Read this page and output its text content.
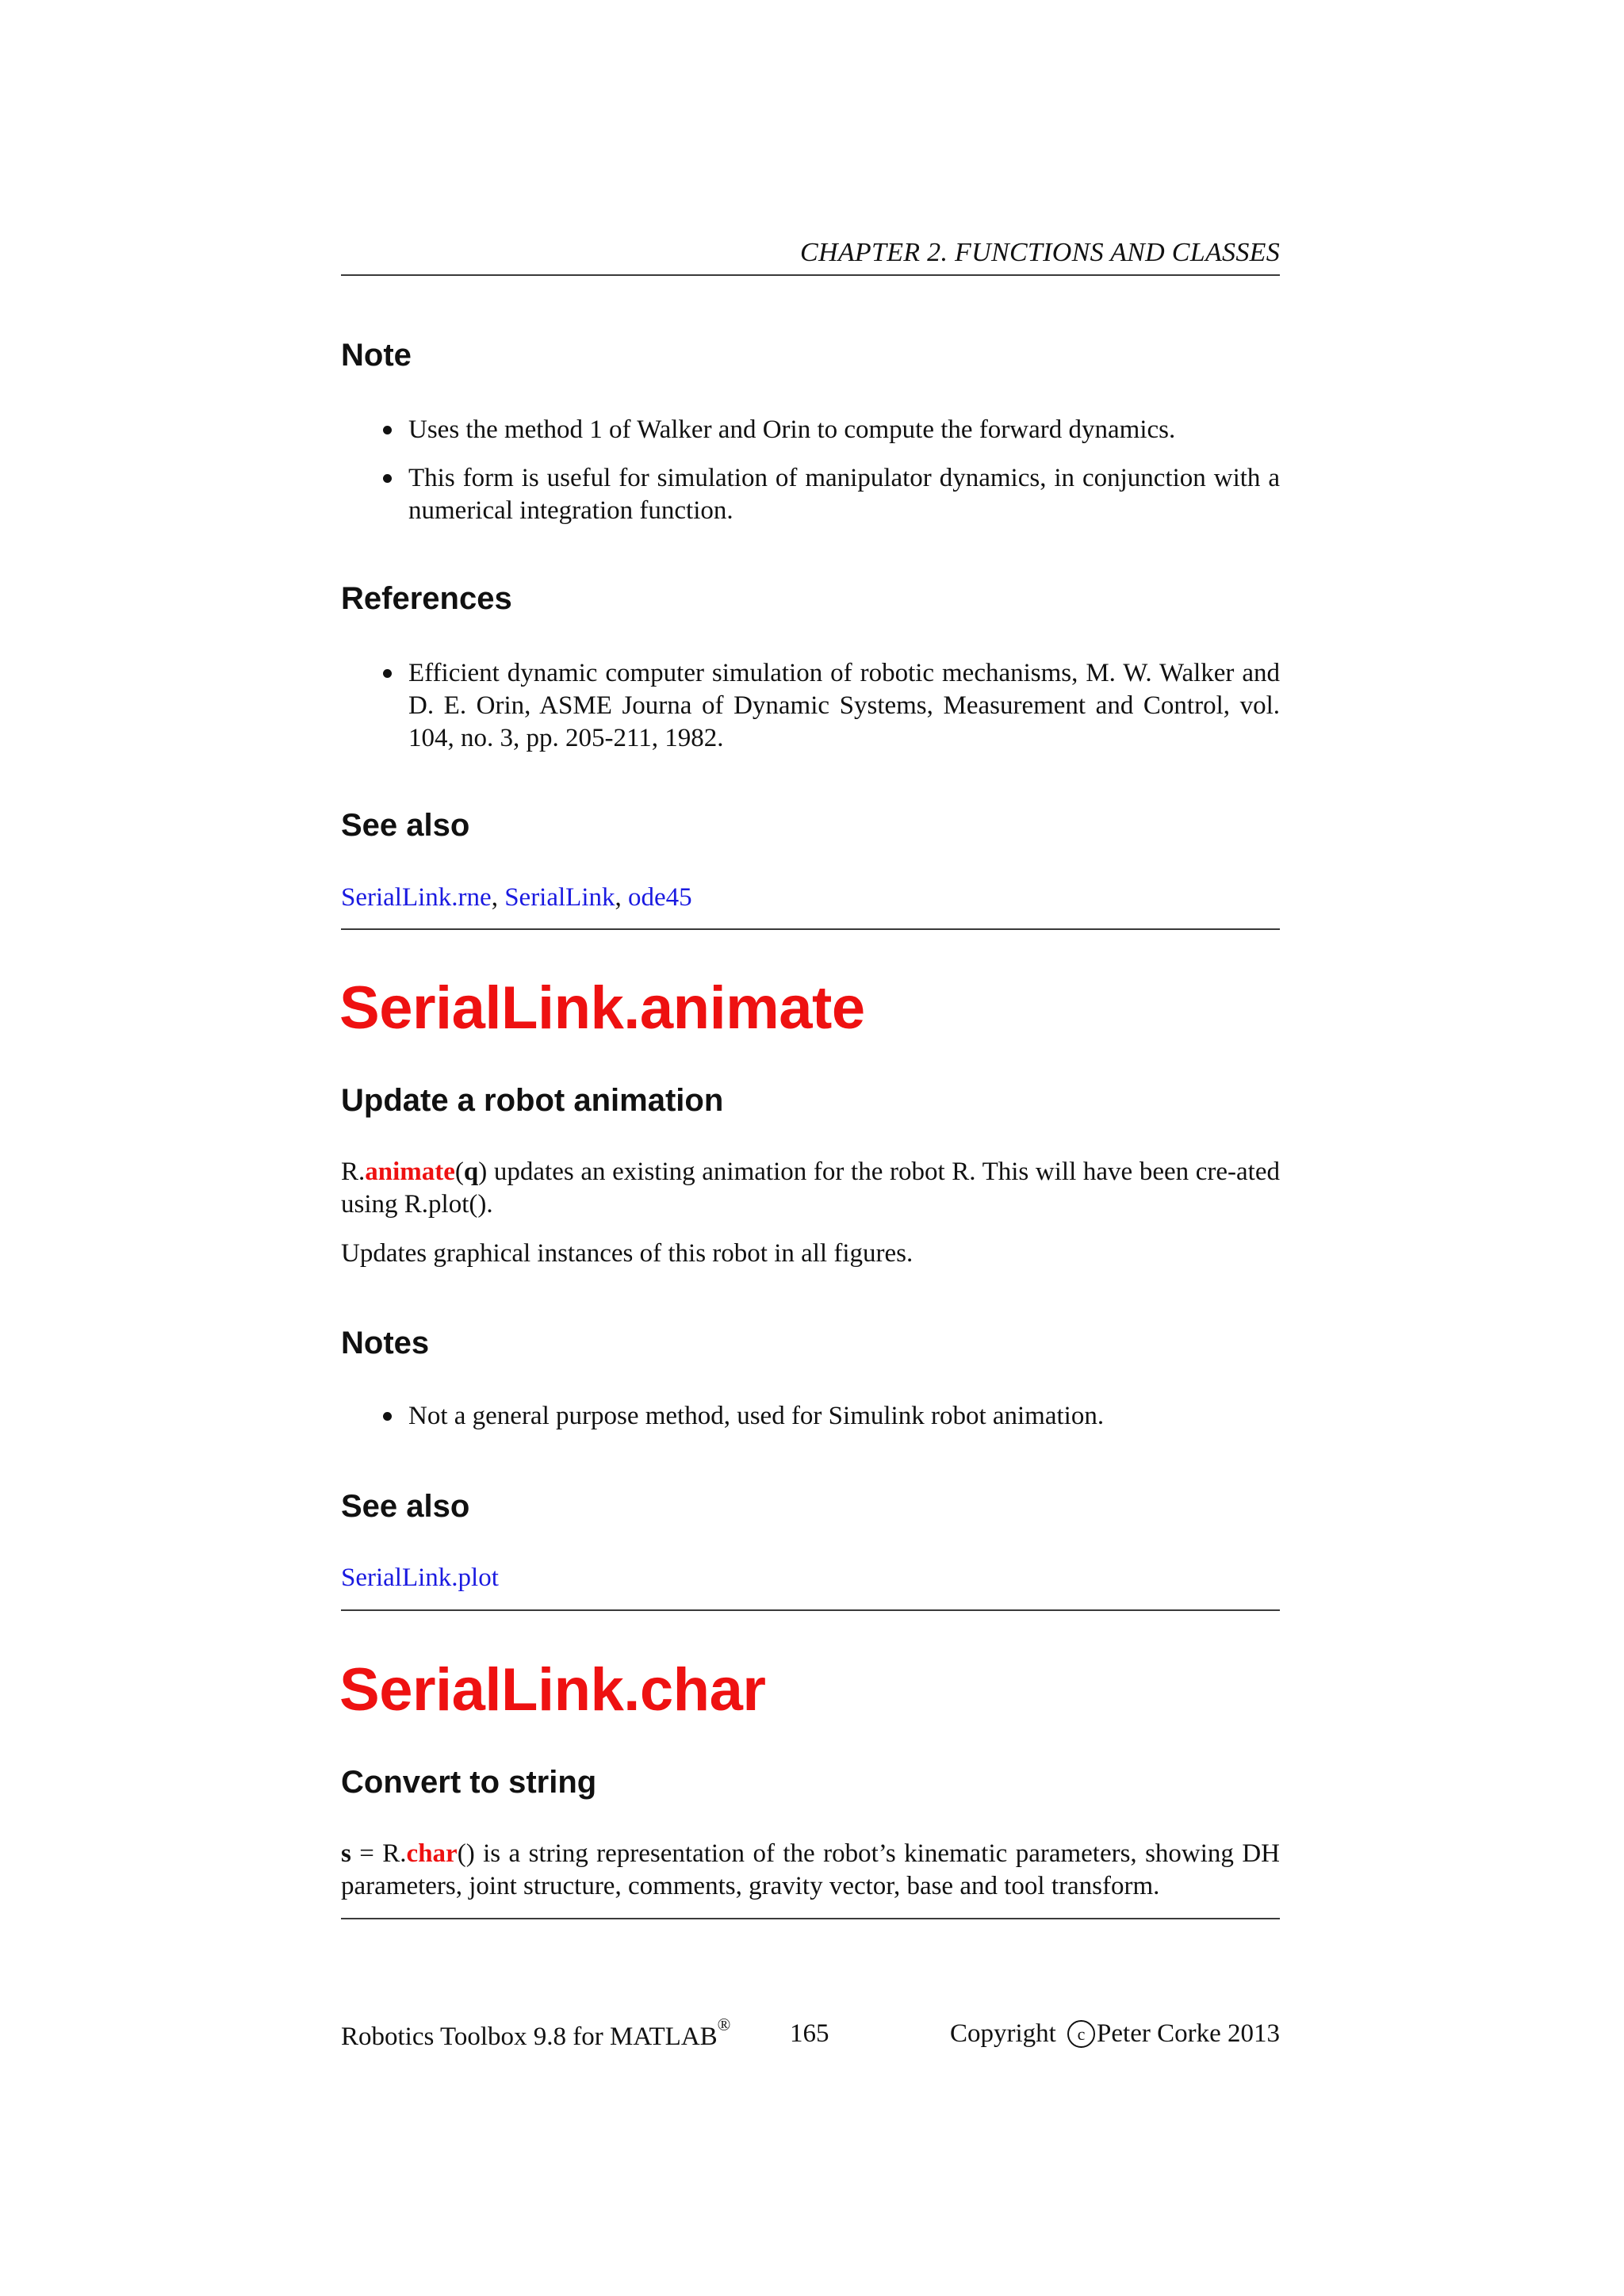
CHAPTER 2. FUNCTIONS AND CLASSES
Note
Uses the method 1 of Walker and Orin to compute the forward dynamics.
This form is useful for simulation of manipulator dynamics, in conjunction with a numerical integration function.
References
Efficient dynamic computer simulation of robotic mechanisms, M. W. Walker and D. E. Orin, ASME Journa of Dynamic Systems, Measurement and Control, vol. 104, no. 3, pp. 205-211, 1982.
See also
SerialLink.rne, SerialLink, ode45
SerialLink.animate
Update a robot animation
R.animate(q) updates an existing animation for the robot R. This will have been cre-ated using R.plot().
Updates graphical instances of this robot in all figures.
Notes
Not a general purpose method, used for Simulink robot animation.
See also
SerialLink.plot
SerialLink.char
Convert to string
s = R.char() is a string representation of the robot’s kinematic parameters, showing DH parameters, joint structure, comments, gravity vector, base and tool transform.
Robotics Toolbox 9.8 for MATLAB® 165	Copyright c Peter Corke 2013
